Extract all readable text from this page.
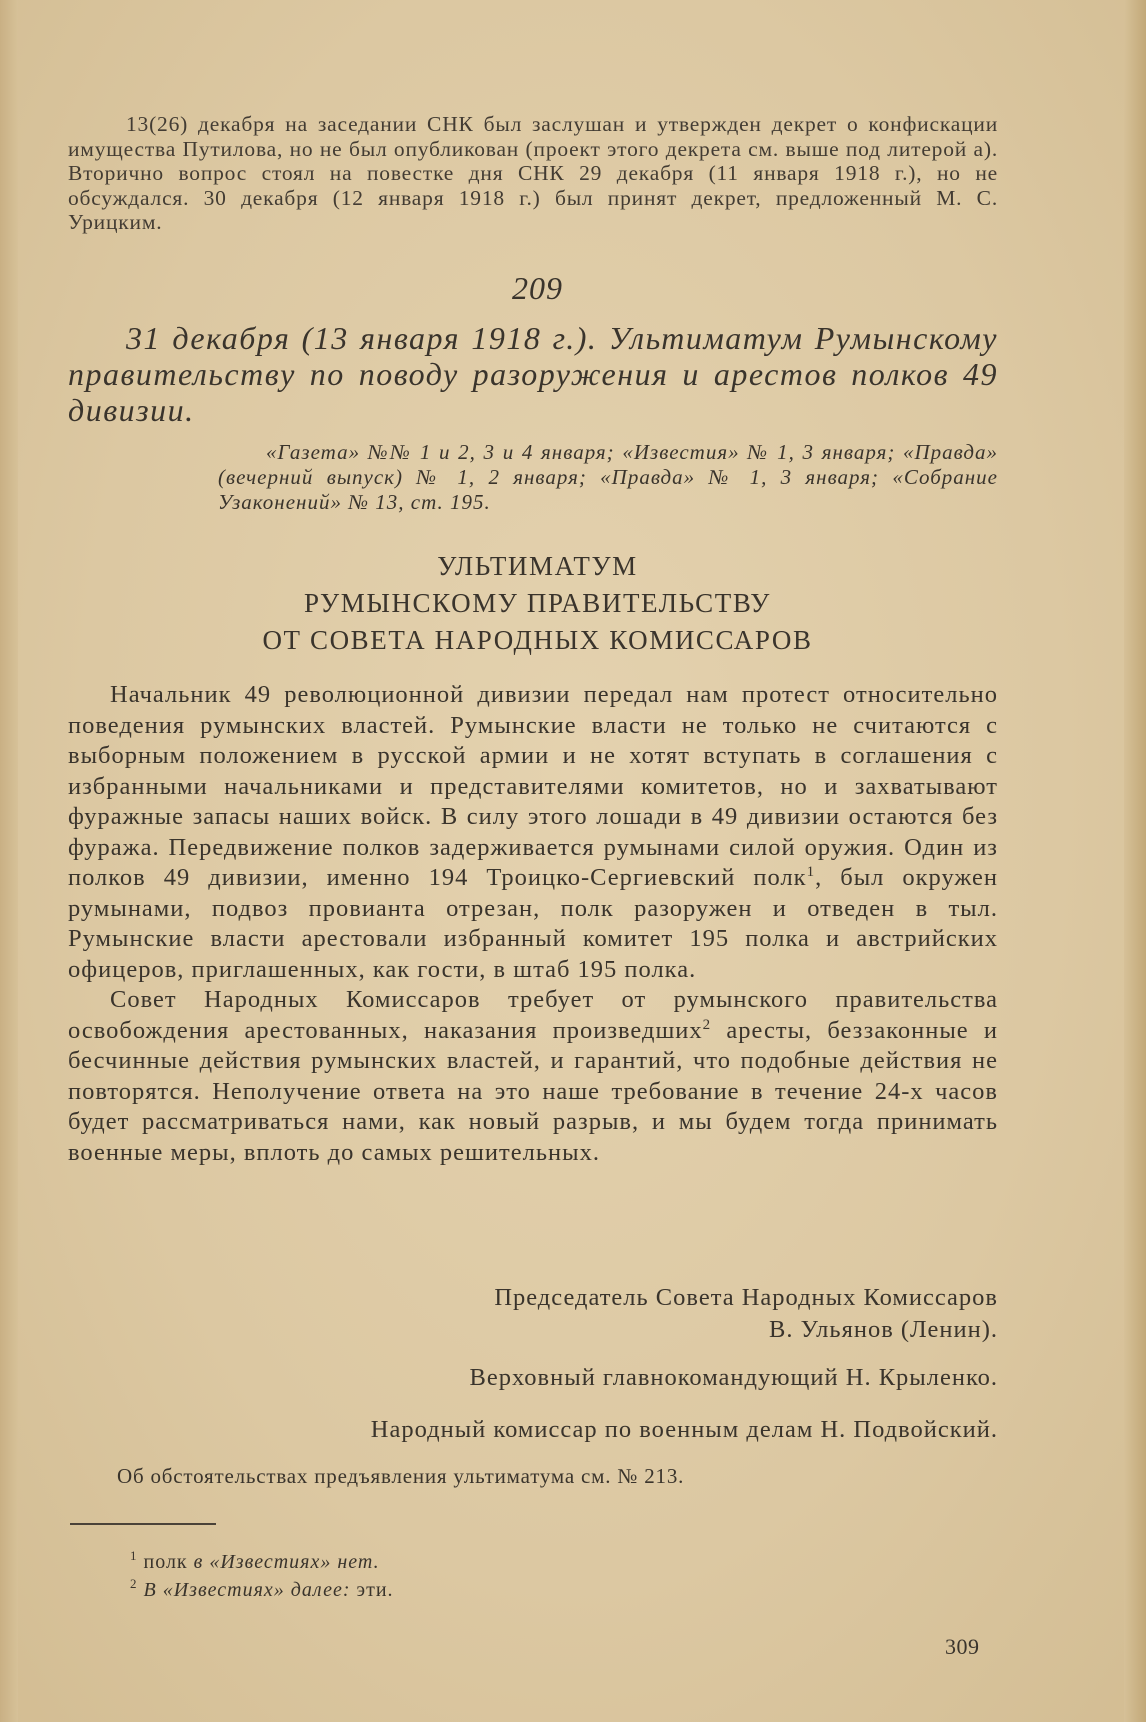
13(26) декабря на заседании СНК был заслушан и утвержден декрет о конфискации имущества Путилова, но не был опубликован (проект этого декрета см. выше под литерой а). Вторично вопрос стоял на повестке дня СНК 29 декабря (11 января 1918 г.), но не обсуждался. 30 декабря (12 января 1918 г.) был принят декрет, предложенный М. С. Урицким.
209
31 декабря (13 января 1918 г.). Ультиматум Румынскому правительству по поводу разоружения и арестов полков 49 дивизии.
«Газета» №№ 1 и 2, 3 и 4 января; «Известия» № 1, 3 января; «Правда» (вечерний выпуск) № 1, 2 января; «Правда» № 1, 3 января; «Собрание Узаконений» № 13, ст. 195.
УЛЬТИМАТУМ
РУМЫНСКОМУ ПРАВИТЕЛЬСТВУ
ОТ СОВЕТА НАРОДНЫХ КОМИССАРОВ

Начальник 49 революционной дивизии передал нам протест относительно поведения румынских властей. Румынские власти не только не считаются с выборным положением в русской армии и не хотят вступать в соглашения с избранными начальниками и представителями комитетов, но и захватывают фуражные запасы наших войск. В силу этого лошади в 49 дивизии остаются без фуража. Передвижение полков задерживается румынами силой оружия. Один из полков 49 дивизии, именно 194 Троицко-Сергиевский полк$^1$, был окружен румынами, подвоз провианта отрезан, полк разоружен и отведен в тыл. Румынские власти арестовали избранный комитет 195 полка и австрийских офицеров, приглашенных, как гости, в штаб 195 полка.

Совет Народных Комиссаров требует от румынского правительства освобождения арестованных, наказания произведших$^2$ аресты, беззаконные и бесчинные действия румынских властей, и гарантий, что подобные действия не повторятся. Неполучение ответа на это наше требование в течение 24-х часов будет рассматриваться нами, как новый разрыв, и мы будем тогда принимать военные меры, вплоть до самых решительных.

Председатель Совета Народных Комиссаров
В. Ульянов (Ленин).
Верховный главнокомандующий Н. Крыленко.
Народный комиссар по военным делам Н. Подвойский.
Об обстоятельствах предъявления ультиматума см. № 213.
$^1$ полк в «Известиях» нет.
$^2$ В «Известиях» далее: эти.
309
